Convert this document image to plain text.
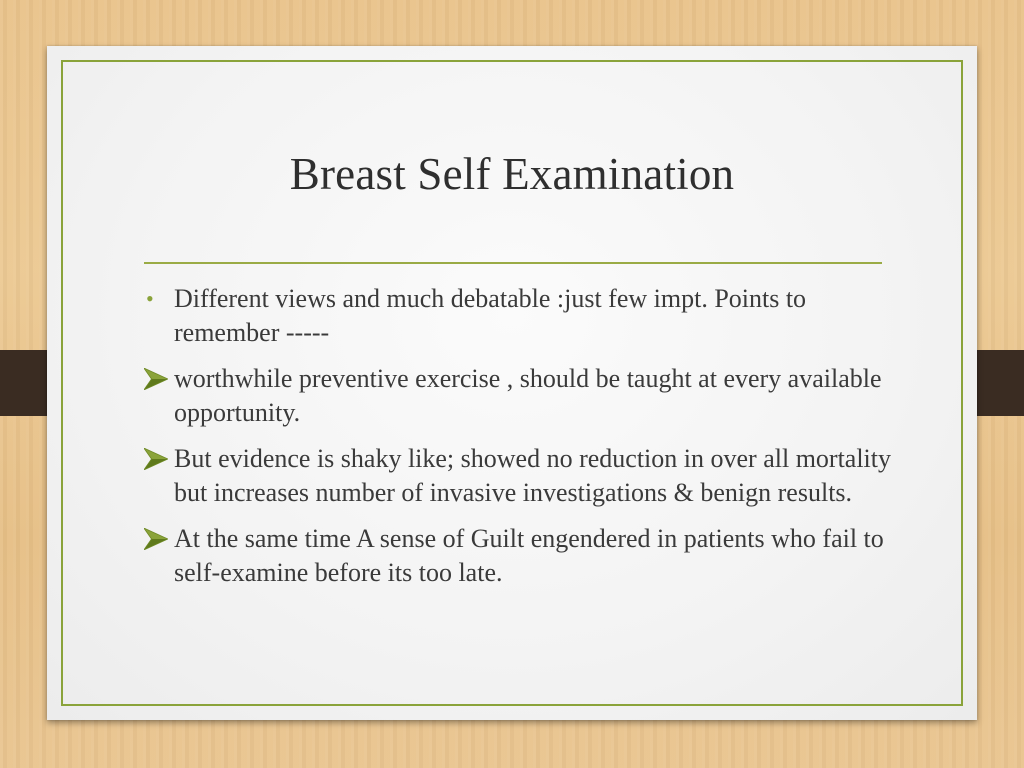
Breast Self Examination
• Different views and much debatable :just few impt. Points to remember -----
worthwhile preventive exercise , should be taught at every available opportunity.
But evidence is shaky like; showed no reduction in over all mortality but increases number of invasive investigations & benign results.
At the same time A sense of Guilt engendered in patients who fail to self-examine before its too late.
